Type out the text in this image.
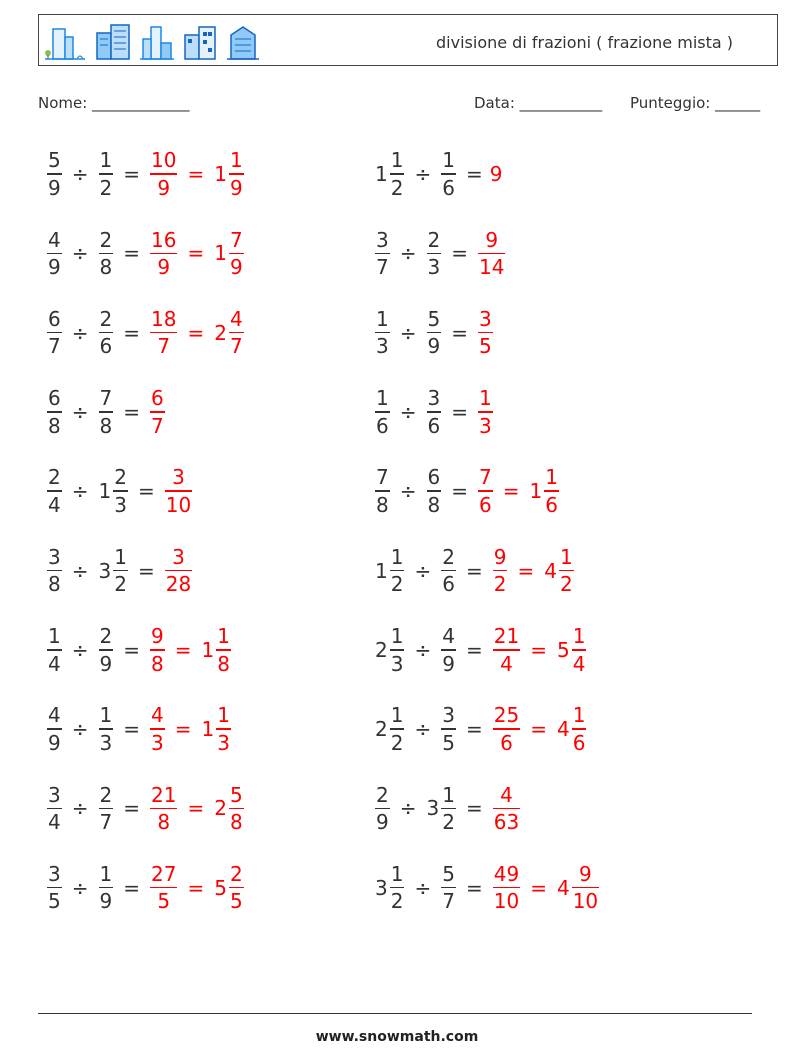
divisione di frazioni ( frazione mista )
Nome: _____________	Data: ___________ Punteggio: ______
$\frac{5}{9} \div \frac{1}{2} = \frac{10}{9} = 1 \frac{1}{9}$	$1 \frac{1}{2} \div \frac{1}{6} = 9$
$\frac{4}{9} \div \frac{2}{8} = \frac{16}{9} = 1 \frac{7}{9}$	$\frac{3}{7} \div \frac{2}{3} = \frac{9}{14}$
$\frac{6}{7} \div \frac{2}{6} = \frac{18}{7} = 2 \frac{4}{7}$	$\frac{1}{3} \div \frac{5}{9} = \frac{3}{5}$
$\frac{6}{8} \div \frac{7}{8} = \frac{6}{7}$	$\frac{1}{6} \div \frac{3}{6} = \frac{1}{3}$
$\frac{2}{4} \div 1 \frac{2}{3} = \frac{3}{10}$	$\frac{7}{8} \div \frac{6}{8} = \frac{7}{6} = 1 \frac{1}{6}$
$\frac{3}{8} \div 3 \frac{1}{2} = \frac{3}{28}$	$1 \frac{1}{2} \div \frac{2}{6} = \frac{9}{2} = 4 \frac{1}{2}$
$\frac{1}{4} \div \frac{2}{9} = \frac{9}{8} = 1 \frac{1}{8}$	$2 \frac{1}{3} \div \frac{4}{9} = \frac{21}{4} = 5 \frac{1}{4}$
$\frac{4}{9} \div \frac{1}{3} = \frac{4}{3} = 1 \frac{1}{3}$	$2 \frac{1}{2} \div \frac{3}{5} = \frac{25}{6} = 4 \frac{1}{6}$
$\frac{3}{4} \div \frac{2}{7} = \frac{21}{8} = 2 \frac{5}{8}$	$\frac{2}{9} \div 3 \frac{1}{2} = \frac{4}{63}$
$\frac{3}{5} \div \frac{1}{9} = \frac{27}{5} = 5 \frac{2}{5}$	$3 \frac{1}{2} \div \frac{5}{7} = \frac{49}{10} = 4 \frac{9}{10}$
www.snowmath.com
